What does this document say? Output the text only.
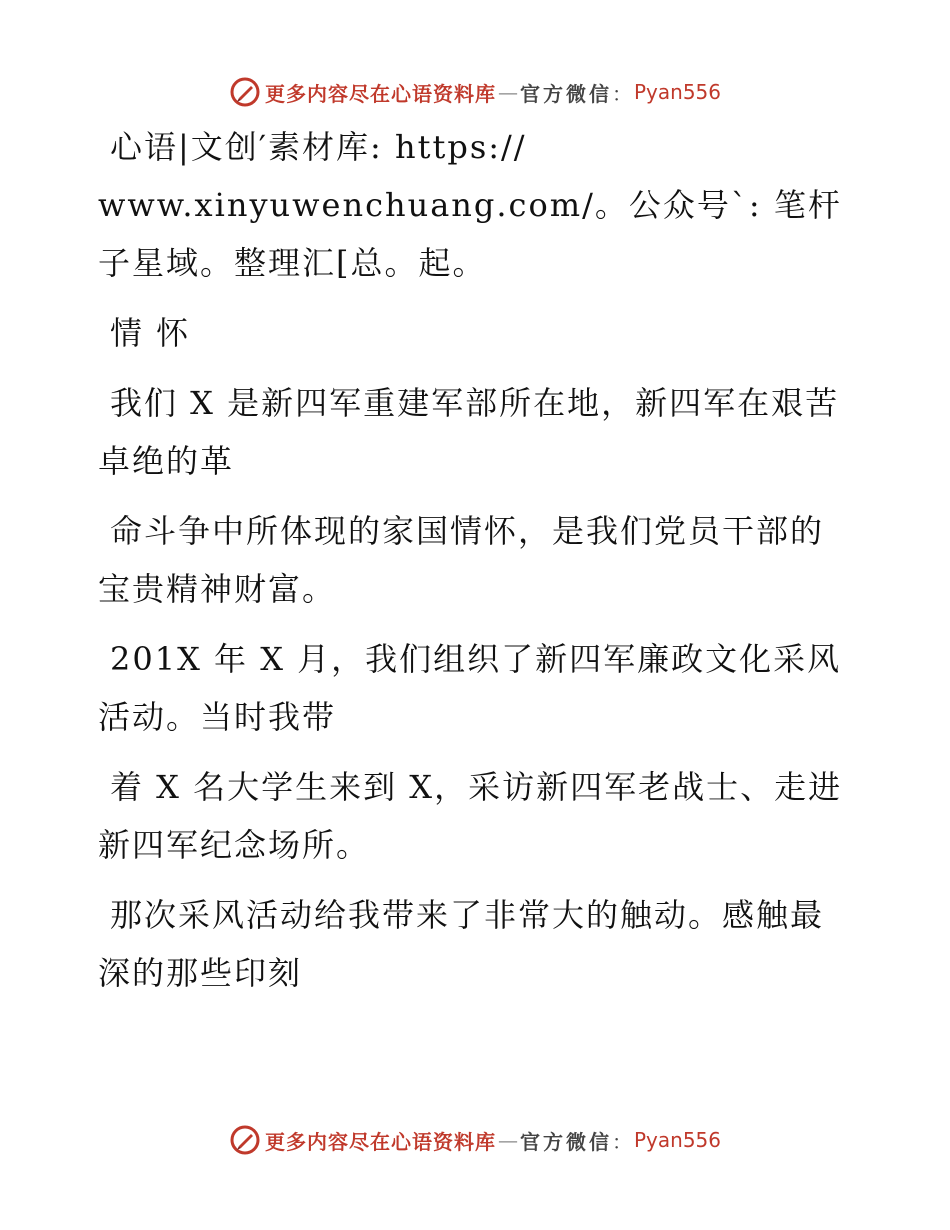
更多内容尽在心语资料库 — 官方微信 ： Pyan556

心语|文创′素材库: https://
www.xinyuwenchuang.com/。公众号`: 笔杆子星域。整理汇[总。起。

情 怀

我们 X 是新四军重建军部所在地，新四军在艰苦
卓绝的革

命斗争中所体现的家国情怀，是我们党员干部的
宝贵精神财富。

201X 年 X 月，我们组织了新四军廉政文化采风
活动。当时我带

着 X 名大学生来到 X，采访新四军老战士、走进
新四军纪念场所。

那次采风活动给我带来了非常大的触动。感触最
深的那些印刻

更多内容尽在心语资料库 — 官方微信 ： Pyan556
